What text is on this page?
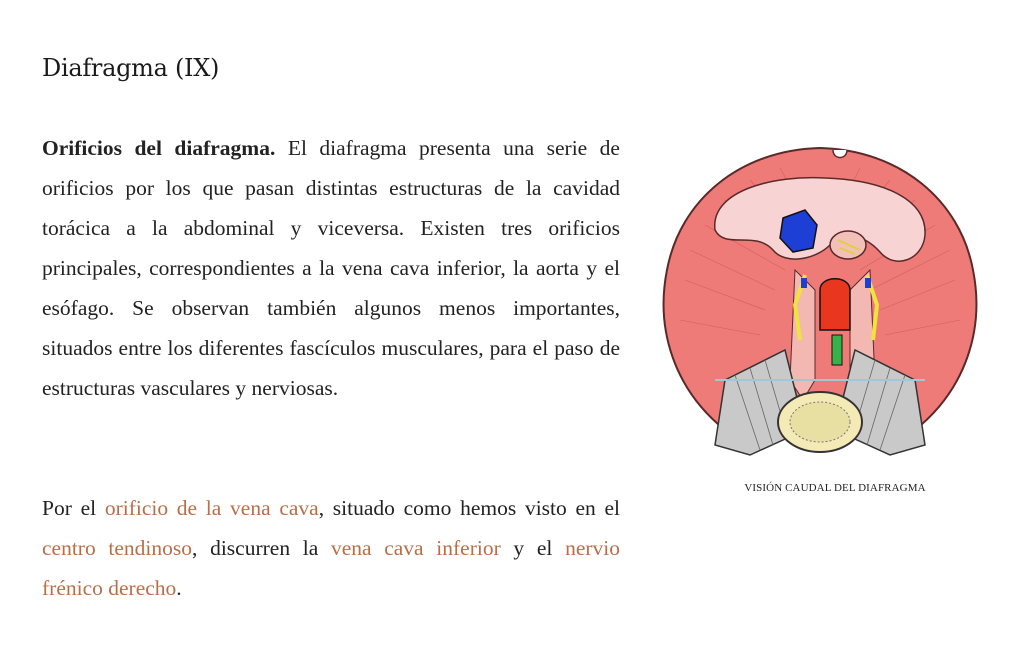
Diafragma (IX)

Orificios del diafragma. El diafragma presenta una serie de orificios por los que pasan distintas estructuras de la cavidad torácica a la abdominal y viceversa. Existen tres orificios principales, correspondientes a la vena cava inferior, la aorta y el esófago. Se observan también algunos menos importantes, situados entre los diferentes fascículos musculares, para el paso de estructuras vasculares y nerviosas.

Por el orificio de la vena cava, situado como hemos visto en el centro tendinoso, discurren la vena cava inferior y el nervio frénico derecho.

VISIÓN CAUDAL DEL DIAFRAGMA
